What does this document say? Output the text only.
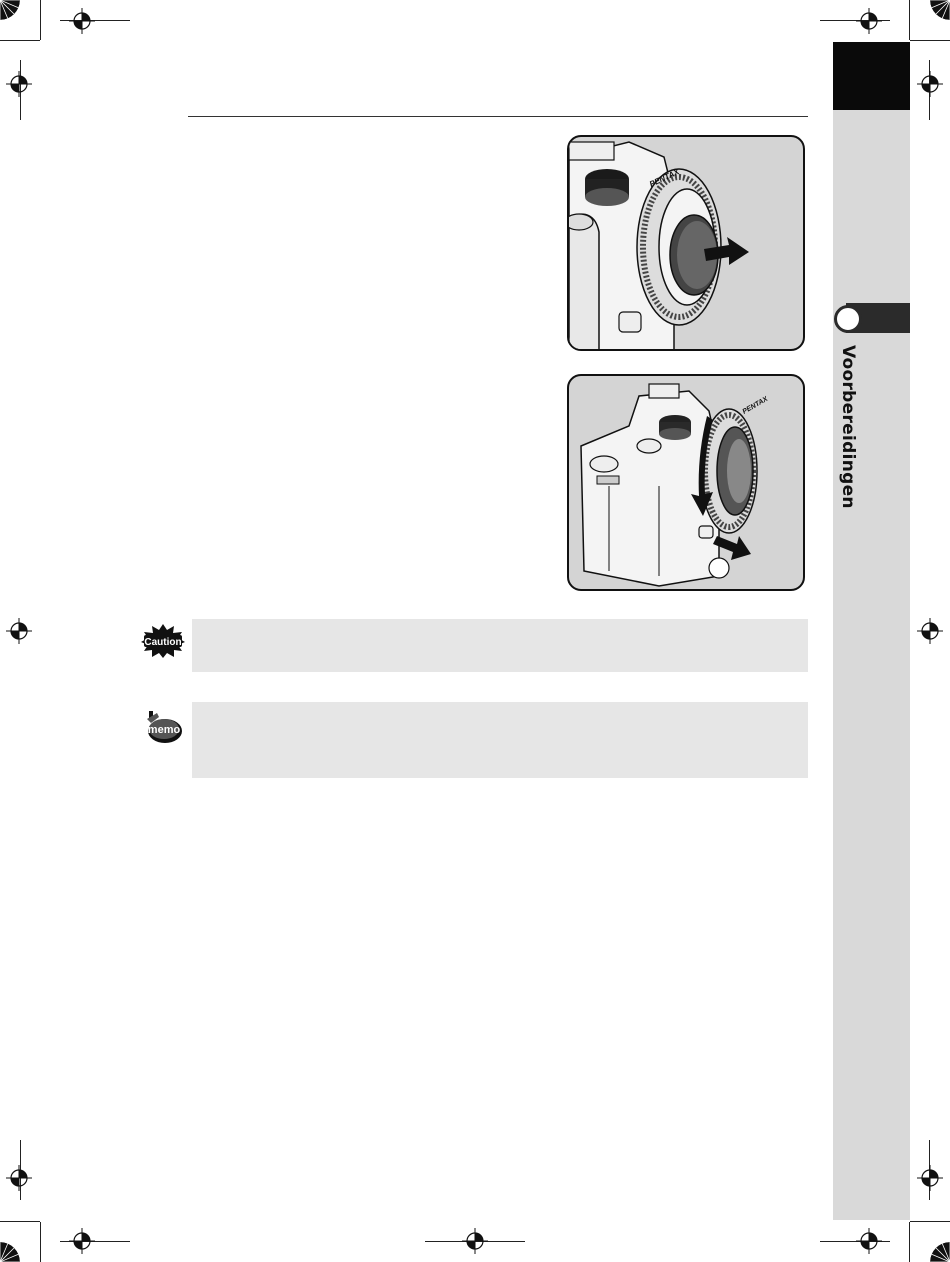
Voorbereidingen
PENTAX
PENTAX
Caution
memo
